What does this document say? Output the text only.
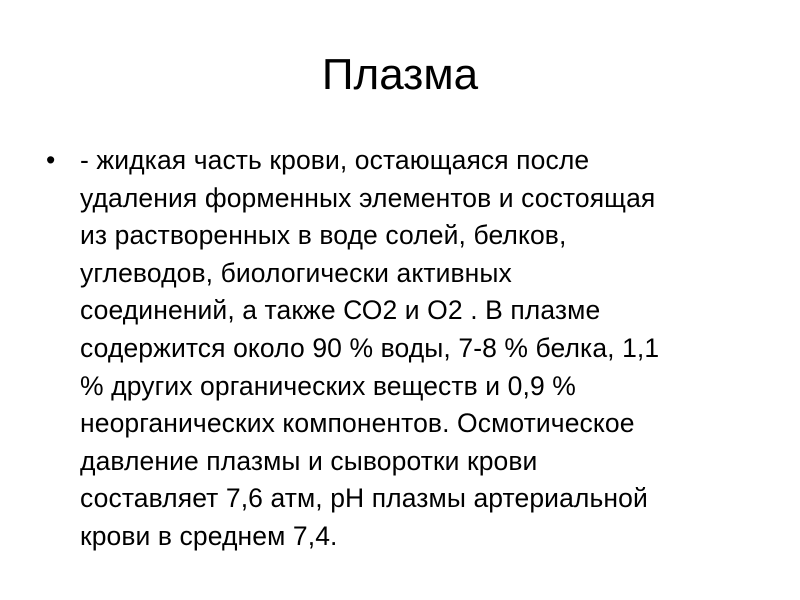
Плазма
• - жидкая часть крови, остающаяся после
удаления форменных элементов и состоящая
из растворенных в воде солей, белков,
углеводов, биологически активных
соединений, а также СО2 и О2 . В плазме
содержится около 90 % воды, 7-8 % белка, 1,1
% других органических веществ и 0,9 %
неорганических компонентов. Осмотическое
давление плазмы и сыворотки крови
составляет 7,6 атм, рН плазмы артериальной
крови в среднем 7,4.
